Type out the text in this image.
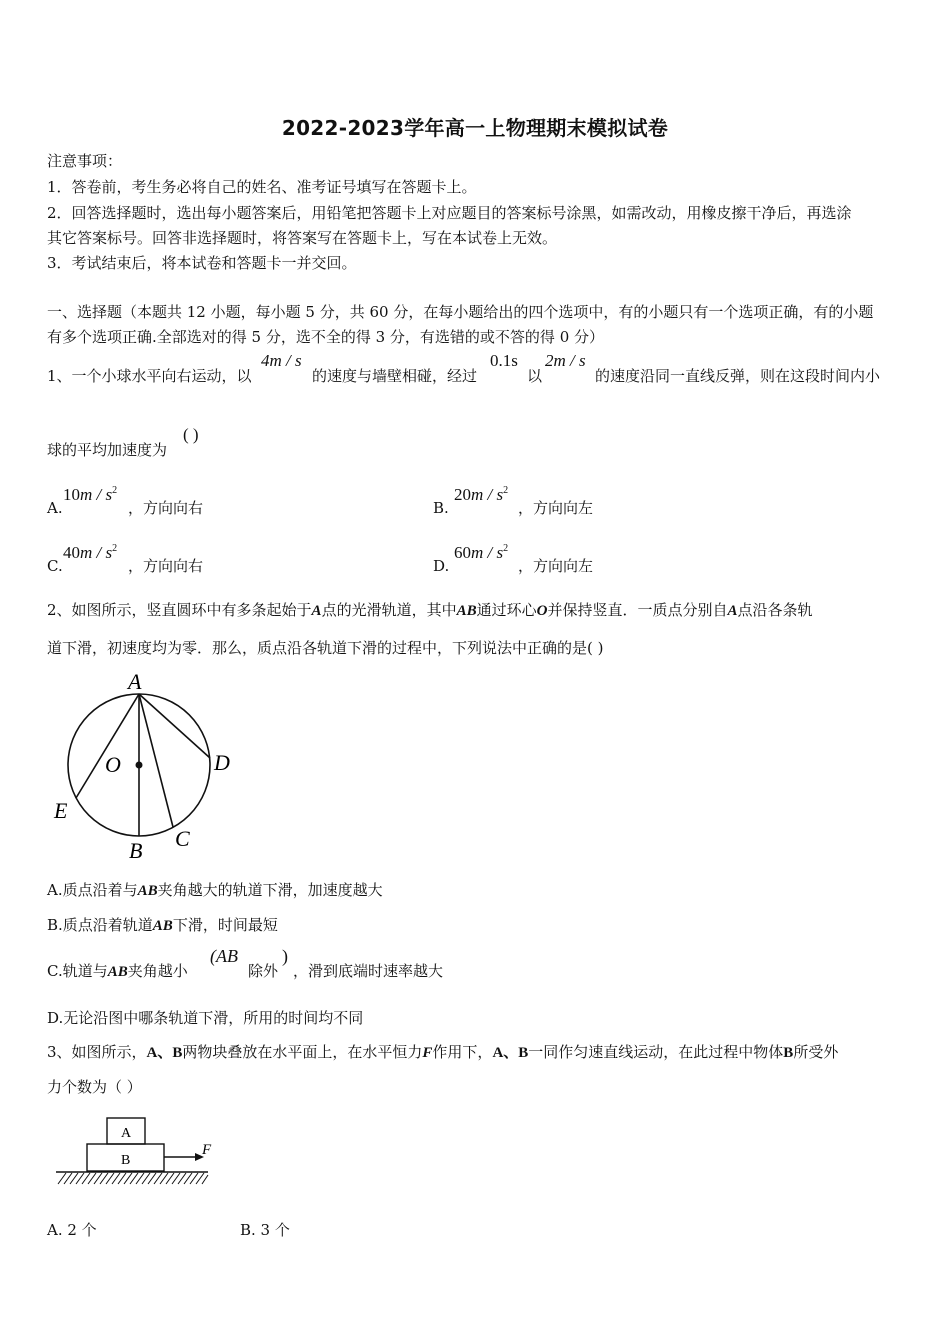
2022-2023学年高一上物理期末模拟试卷
注意事项：
1．答卷前，考生务必将自己的姓名、准考证号填写在答题卡上。
2．回答选择题时，选出每小题答案后，用铅笔把答题卡上对应题目的答案标号涂黑，如需改动，用橡皮擦干净后，再选涂
其它答案标号。回答非选择题时，将答案写在答题卡上，写在本试卷上无效。
3．考试结束后，将本试卷和答题卡一并交回。
一、选择题（本题共 12 小题，每小题 5 分，共 60 分，在每小题给出的四个选项中，有的小题只有一个选项正确，有的小题
有多个选项正确.全部选对的得 5 分，选不全的得 3 分，有选错的或不答的得 0 分）
1、一个小球水平向右运动，以
4m / s
的速度与墙壁相碰，经过
0.1s
以
2m / s
的速度沿同一直线反弹，则在这段时间内小
球的平均加速度为
( )
A.
$10m / s^2$
，方向向右	B.
$20m / s^2$
，方向向左
C.
$40m / s^2$
，方向向右	D.
$60m / s^2$
，方向向左
2、如图所示，竖直圆环中有多条起始于A点的光滑轨道，其中AB通过环心O并保持竖直．一质点分别自A点沿各条轨
道下滑，初速度均为零．那么，质点沿各轨道下滑的过程中，下列说法中正确的是( )
A
O	D
E
B C
A.质点沿着与AB夹角越大的轨道下滑，加速度越大
B.质点沿着轨道AB下滑，时间最短
C.轨道与AB夹角越小
(AB
除外
)
，滑到底端时速率越大
D.无论沿图中哪条轨道下滑，所用的时间均不同
3、如图所示，A、B两物块叠放在水平面上，在水平恒力F作用下，A、B一同作匀速直线运动，在此过程中物体B所受外
力个数为（ ）
A
B
F
A. 2 个	B. 3 个
